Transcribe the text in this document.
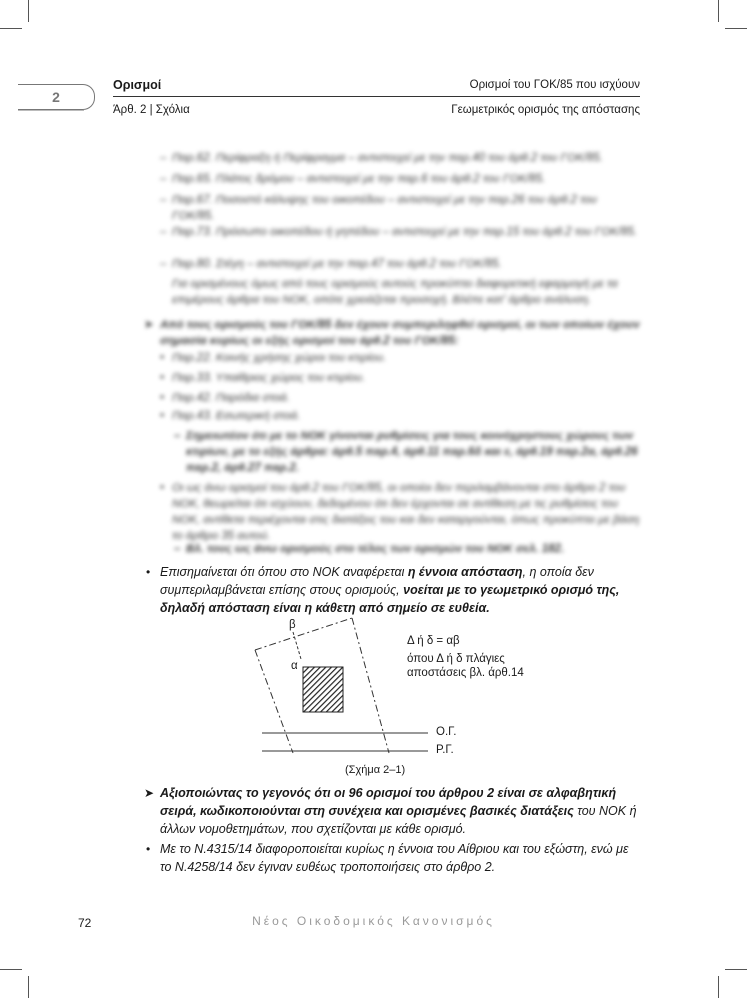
2
Ορισμοί	Ορισμοί του ΓΟΚ/85 που ισχύουν
Άρθ. 2 | Σχόλια	Γεωμετρικός ορισμός της απόστασης
– Παρ.62. Περίφραξη ή Περίφραγμα – αντιστοιχεί με την παρ.40 του άρθ.2 του ΓΟΚ/85.
– Παρ.65. Πλάτος δρόμου – αντιστοιχεί με την παρ.6 του άρθ.2 του ΓΟΚ/85.
– Παρ.67. Ποσοστό κάλυψης του οικοπέδου – αντιστοιχεί με την παρ.26 του άρθ.2 του ΓΟΚ/85.
– Παρ.73. Πρόσωπο οικοπέδου ή γηπέδου – αντιστοιχεί με την παρ.15 του άρθ.2 του ΓΟΚ/85.
– Παρ.80. Στέγη – αντιστοιχεί με την παρ.47 του άρθ.2 του ΓΟΚ/85.
Για ορισμένους όμως από τους ορισμούς αυτούς προκύπτει διαφορετική εφαρμογή με τα επιμέρους άρθρα του ΝΟΚ, οπότε χρειάζεται προσοχή. Βλέπε κατ' άρθρο ανάλυση.
➤ Από τους ορισμούς του ΓΟΚ/85 δεν έχουν συμπεριληφθεί ορισμοί, οι των οποίων έχουν σημασία κυρίως οι εξής ορισμοί του άρθ.2 του ΓΟΚ/85:
• Παρ.22. Κοινής χρήσης χώροι του κτιρίου.
• Παρ.33. Υπαίθριος χώρος του κτιρίου.
• Παρ.42. Παρόδια στοά.
• Παρ.43. Εσωτερική στοά.
– Σημειωτέον ότι με το ΝΟΚ γίνονται ρυθμίσεις για τους κοινόχρηστους χώρους των κτιρίων, με το εξής άρθρα: άρθ.5 παρ.4, άρθ.11 παρ.6δ και ε, άρθ.19 παρ.2α, άρθ.26 παρ.2, άρθ.27 παρ.2.
• Οι ως άνω ορισμοί του άρθ.2 του ΓΟΚ/85, οι οποίοι δεν περιλαμβάνονται στο άρθρο 2 του ΝΟΚ, θεωρείται ότι ισχύουν, δεδομένου ότι δεν έρχονται σε αντίθεση με τις ρυθμίσεις του ΝΟΚ, αντίθετα περιέχονται στις διατάξεις του και δεν καταργούνται, όπως προκύπτει με βάση το άρθρο 35 αυτού.
– Βλ. τους ως άνω ορισμούς στο τέλος των ορισμών του ΝΟΚ σελ. 182.
• Επισημαίνεται ότι όπου στο ΝΟΚ αναφέρεται η έννοια απόσταση, η οποία δεν συμπεριλαμβάνεται επίσης στους ορισμούς, νοείται με το γεωμετρικό ορισμό της, δηλαδή απόσταση είναι η κάθετη από σημείο σε ευθεία.
β
α
Δ ή δ = αβ
όπου Δ ή δ πλάγιες
αποστάσεις βλ. άρθ.14
Ο.Γ.
Ρ.Γ.
(Σχήμα 2–1)
➤ Αξιοποιώντας το γεγονός ότι οι 96 ορισμοί του άρθρου 2 είναι σε αλφαβητική σειρά, κωδικοποιούνται στη συνέχεια και ορισμένες βασικές διατάξεις του ΝΟΚ ή άλλων νομοθετημάτων, που σχετίζονται με κάθε ορισμό.
• Με το Ν.4315/14 διαφοροποιείται κυρίως η έννοια του Αίθριου και του εξώστη, ενώ με το Ν.4258/14 δεν έγιναν ευθέως τροποποιήσεις στο άρθρο 2.
72	Νέος Οικοδομικός Κανονισμός
